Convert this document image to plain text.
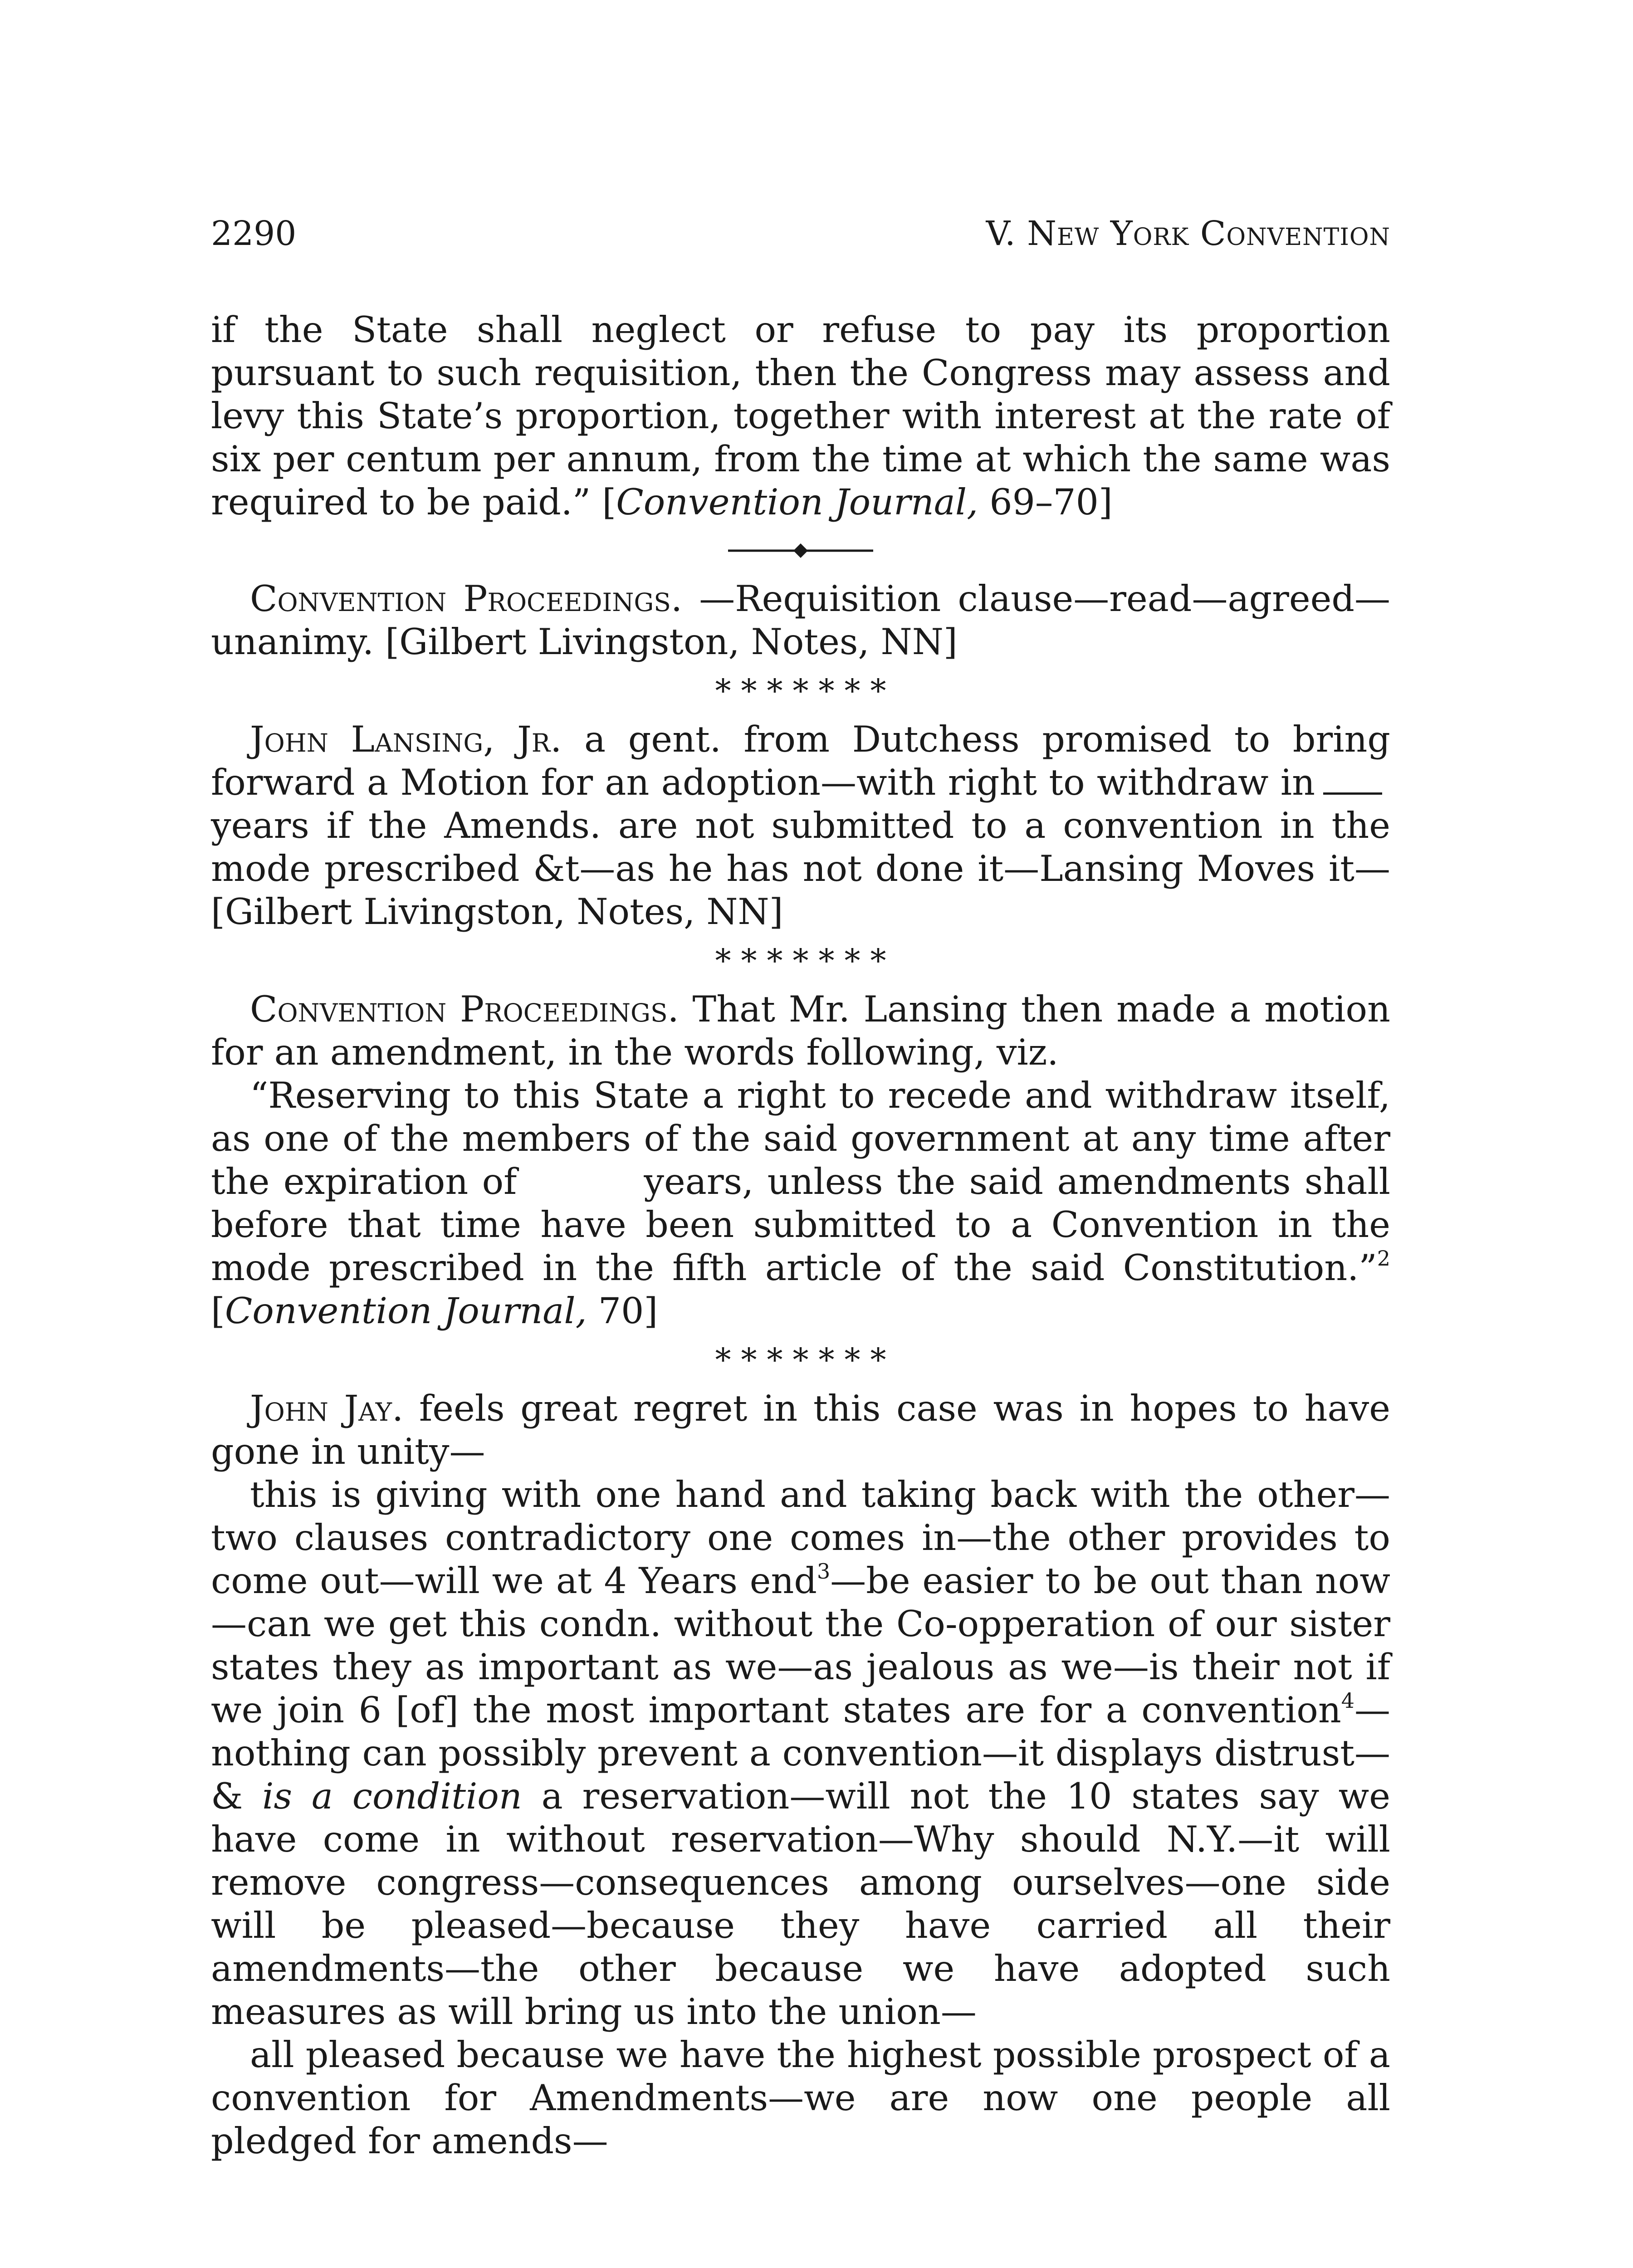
2290	V. New York Convention

if the State shall neglect or refuse to pay its proportion pursuant to such requisition, then the Congress may assess and levy this State’s proportion, together with interest at the rate of six per centum per annum, from the time at which the same was required to be paid.” [Convention Journal, 69–70]

Convention Proceedings. —Requisition clause—read—agreed—unanimy. [Gilbert Livingston, Notes, NN]

*******

John Lansing, Jr. a gent. from Dutchess promised to bring forward a Motion for an adoption—with right to withdraw inyears if the Amends. are not submitted to a convention in the mode prescribed &t—as he has not done it—Lansing Moves it— [Gilbert Livingston, Notes, NN]

*******

Convention Proceedings. That Mr. Lansing then made a motion for an amendment, in the words following, viz.

“Reserving to this State a right to recede and withdraw itself, as one of the members of the said government at any time after the expiration of	years, unless the said amendments shall before that time have been submitted to a Convention in the mode prescribed in the fifth article of the said Constitution.”$^2$ [Convention Journal, 70]

*******

John Jay. feels great regret in this case was in hopes to have gone in unity—

this is giving with one hand and taking back with the other—two clauses contradictory one comes in—the other provides to come out—will we at 4 Years end$^3$—be easier to be out than now—can we get this condn. without the Co-opperation of our sister states they as important as we—as jealous as we—is their not if we join 6 [of] the most important states are for a convention$^4$—nothing can possibly prevent a convention—it displays distrust—& is a condition a reservation—will not the 10 states say we have come in without reservation—Why should N.Y.—it will remove congress—consequences among ourselves—one side will be pleased—because they have carried all their amendments—the other because we have adopted such measures as will bring us into the union—

all pleased because we have the highest possible prospect of a convention for Amendments—we are now one people all pledged for amends—
